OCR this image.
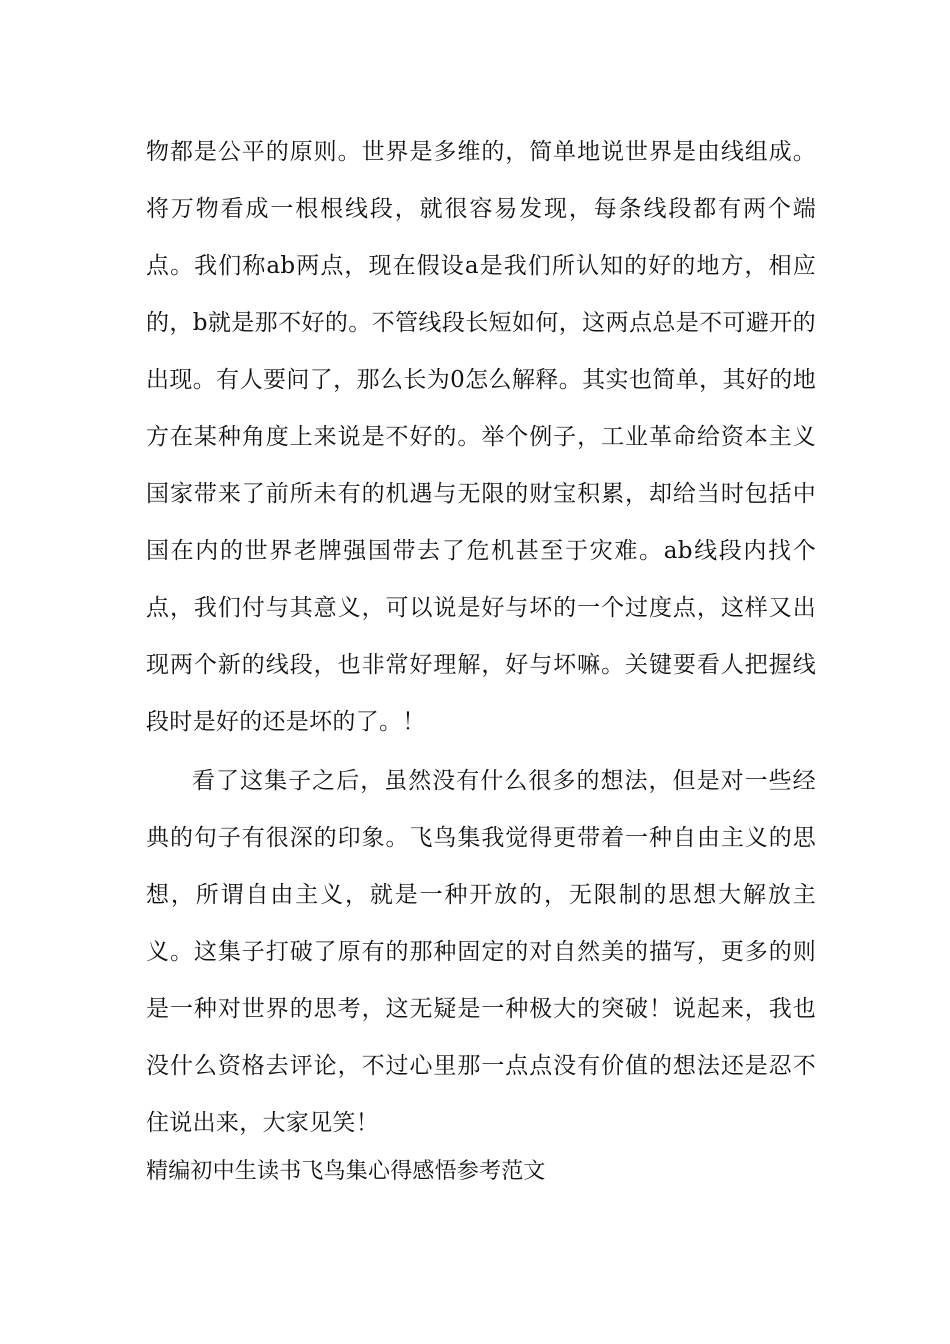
物都是公平的原则。世界是多维的，简单地说世界是由线组成。将万物看成一根根线段，就很容易发现，每条线段都有两个端点。我们称ab两点，现在假设a是我们所认知的好的地方，相应的，b就是那不好的。不管线段长短如何，这两点总是不可避开的出现。有人要问了，那么长为0怎么解释。其实也简单，其好的地方在某种角度上来说是不好的。举个例子，工业革命给资本主义国家带来了前所未有的机遇与无限的财宝积累，却给当时包括中国在内的世界老牌强国带去了危机甚至于灾难。ab线段内找个点，我们付与其意义，可以说是好与坏的一个过度点，这样又出现两个新的线段，也非常好理解，好与坏嘛。关键要看人把握线段时是好的还是坏的了。！

看了这集子之后，虽然没有什么很多的想法，但是对一些经典的句子有很深的印象。飞鸟集我觉得更带着一种自由主义的思想，所谓自由主义，就是一种开放的，无限制的思想大解放主义。这集子打破了原有的那种固定的对自然美的描写，更多的则是一种对世界的思考，这无疑是一种极大的突破！说起来，我也没什么资格去评论，不过心里那一点点没有价值的想法还是忍不住说出来，大家见笑！

精编初中生读书飞鸟集心得感悟参考范文
